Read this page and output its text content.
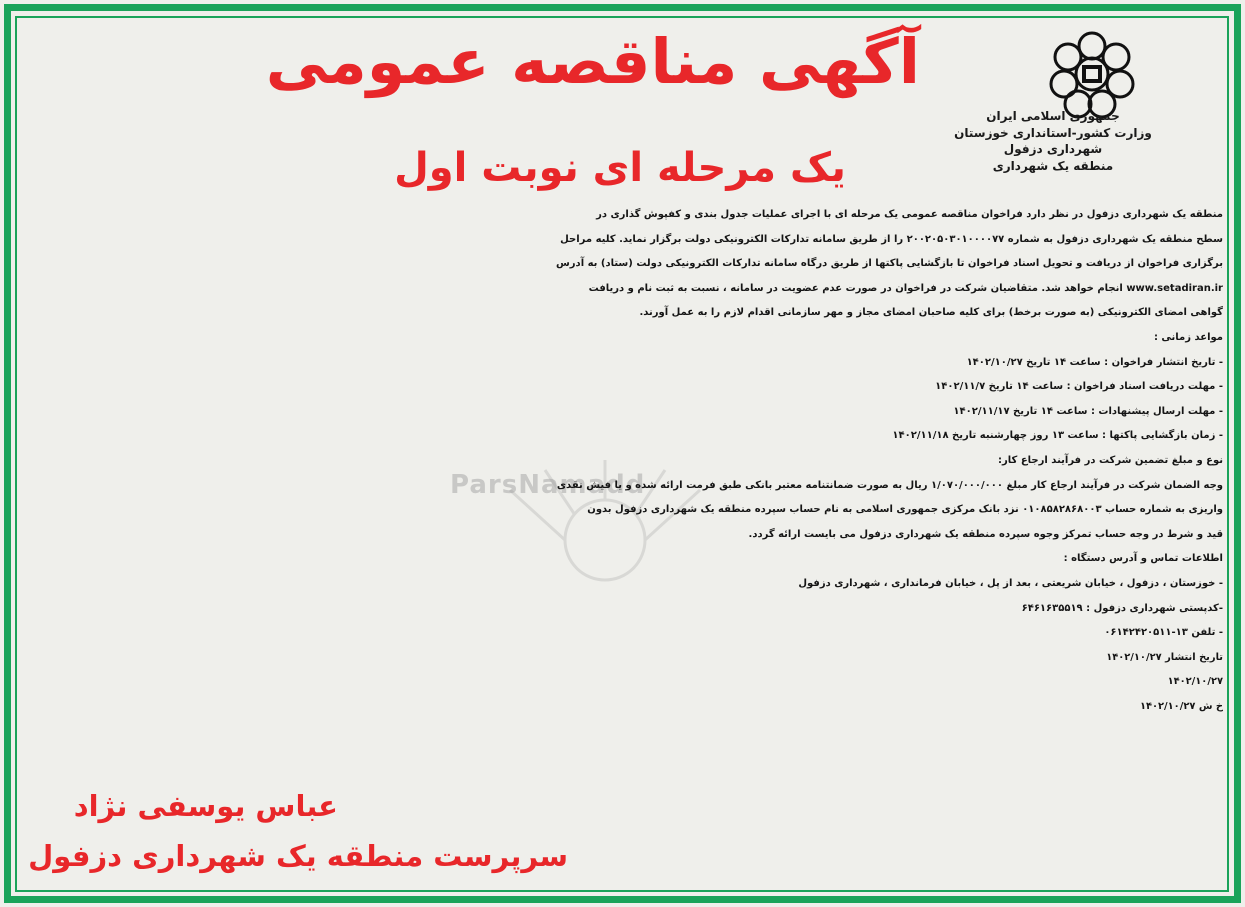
ParsNamadd
جمهوری اسلامی ایران
وزارت کشور-استانداری خوزستان
شهرداری دزفول
منطقه یک شهرداری
آگهی مناقصه عمومی
یک مرحله ای نوبت اول
منطقه یک شهرداری دزفول در نظر دارد فراخوان مناقصه عمومی یک مرحله ای با اجرای عملیات جدول بندی و کفپوش گذاری در
سطح منطقه یک شهرداری دزفول به شماره ۲۰۰۲۰۵۰۳۰۱۰۰۰۰۷۷ را از طریق سامانه تدارکات الکترونیکی دولت برگزار نماید. کلیه مراحل
برگزاری فراخوان از دریافت و تحویل اسناد فراخوان تا بازگشایی پاکتها از طریق درگاه سامانه تدارکات الکترونیکی دولت (ستاد) به آدرس
www.setadiran.ir انجام خواهد شد. متقاضیان شرکت در فراخوان در صورت عدم عضویت در سامانه ، نسبت به ثبت نام و دریافت
گواهی امضای الکترونیکی (به صورت برخط) برای کلیه صاحبان امضای مجاز و مهر سازمانی اقدام لازم را به عمل آورند.
مواعد زمانی :
- تاریخ انتشار فراخوان : ساعت ۱۴ تاریخ ۱۴۰۲/۱۰/۲۷
- مهلت دریافت اسناد فراخوان : ساعت ۱۴ تاریخ ۱۴۰۲/۱۱/۷
- مهلت ارسال پیشنهادات : ساعت ۱۴ تاریخ ۱۴۰۲/۱۱/۱۷
- زمان بازگشایی پاکتها : ساعت ۱۳ روز چهارشنبه تاریخ ۱۴۰۲/۱۱/۱۸
نوع و مبلغ تضمین شرکت در فرآیند ارجاع کار:
وجه الضمان شرکت در فرآیند ارجاع کار مبلغ ۱/۰۷۰/۰۰۰/۰۰۰ ریال به صورت ضمانتنامه معتبر بانکی طبق فرمت ارائه شده و یا فیش نقدی
واریزی به شماره حساب ۰۱۰۸۵۸۲۸۶۸۰۰۳ نزد بانک مرکزی جمهوری اسلامی به نام حساب سپرده منطقه یک شهرداری دزفول بدون
قید و شرط در وجه حساب تمرکز وجوه سپرده منطقه یک شهرداری دزفول می بایست ارائه گردد.
اطلاعات تماس و آدرس دستگاه :
- خوزستان ، دزفول ، خیابان شریعتی ، بعد از پل ، خیابان فرمانداری ، شهرداری دزفول
-کدپستی شهرداری دزفول : ۶۴۶۱۶۳۵۵۱۹
- تلفن ۱۳-۰۶۱۴۲۴۲۰۵۱۱
تاریخ انتشار ۱۴۰۲/۱۰/۲۷
۱۴۰۲/۱۰/۲۷
خ ش ۱۴۰۲/۱۰/۲۷
عباس یوسفی نژاد
سرپرست منطقه یک شهرداری دزفول
